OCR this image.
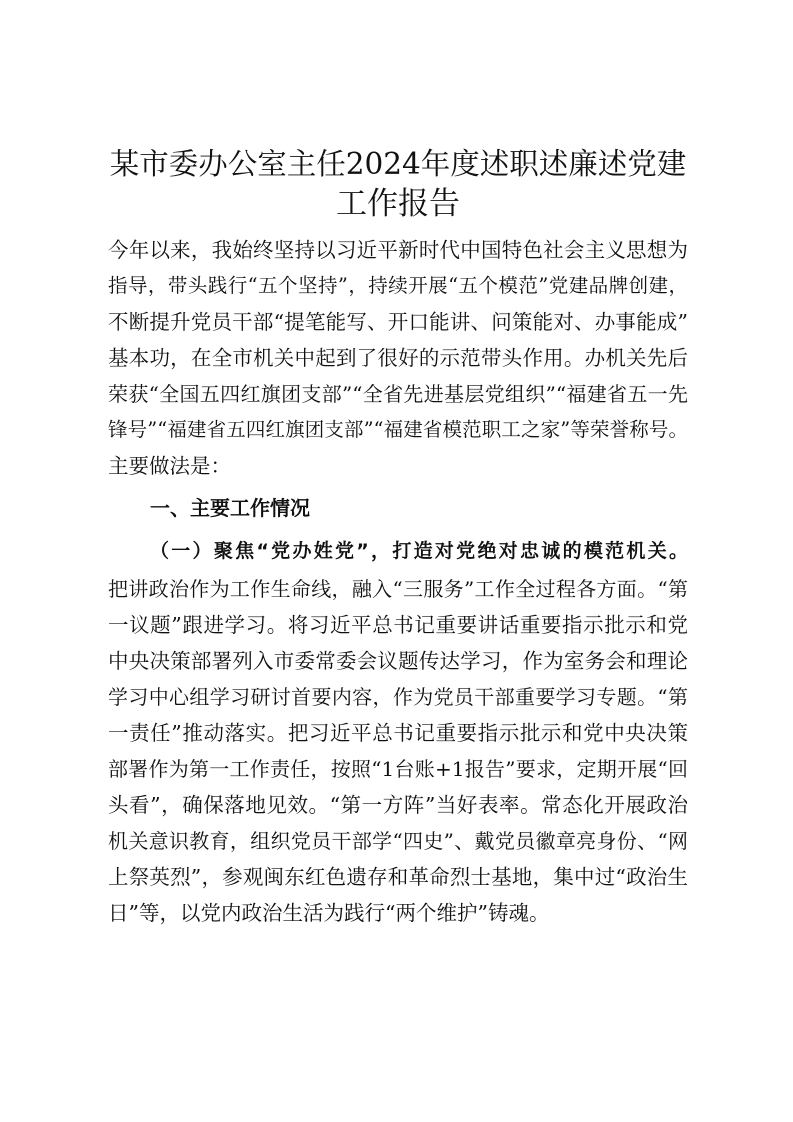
某市委办公室主任2024年度述职述廉述党建
工作报告
今年以来，我始终坚持以习近平新时代中国特色社会主义思想为
指导，带头践行“五个坚持”，持续开展“五个模范”党建品牌创建，
不断提升党员干部“提笔能写、开口能讲、问策能对、办事能成”
基本功，在全市机关中起到了很好的示范带头作用。办机关先后
荣获“全国五四红旗团支部”“全省先进基层党组织”“福建省五一先
锋号”“福建省五四红旗团支部”“福建省模范职工之家”等荣誉称号。
主要做法是：
一、主要工作情况
（一）聚焦“党办姓党”，打造对党绝对忠诚的模范机关。
把讲政治作为工作生命线，融入“三服务”工作全过程各方面。“第
一议题”跟进学习。将习近平总书记重要讲话重要指示批示和党
中央决策部署列入市委常委会议题传达学习，作为室务会和理论
学习中心组学习研讨首要内容，作为党员干部重要学习专题。“第
一责任”推动落实。把习近平总书记重要指示批示和党中央决策
部署作为第一工作责任，按照“1台账+1报告”要求，定期开展“回
头看”，确保落地见效。“第一方阵”当好表率。常态化开展政治
机关意识教育，组织党员干部学“四史”、戴党员徽章亮身份、“网
上祭英烈”，参观闽东红色遗存和革命烈士基地，集中过“政治生
日”等，以党内政治生活为践行“两个维护”铸魂。
